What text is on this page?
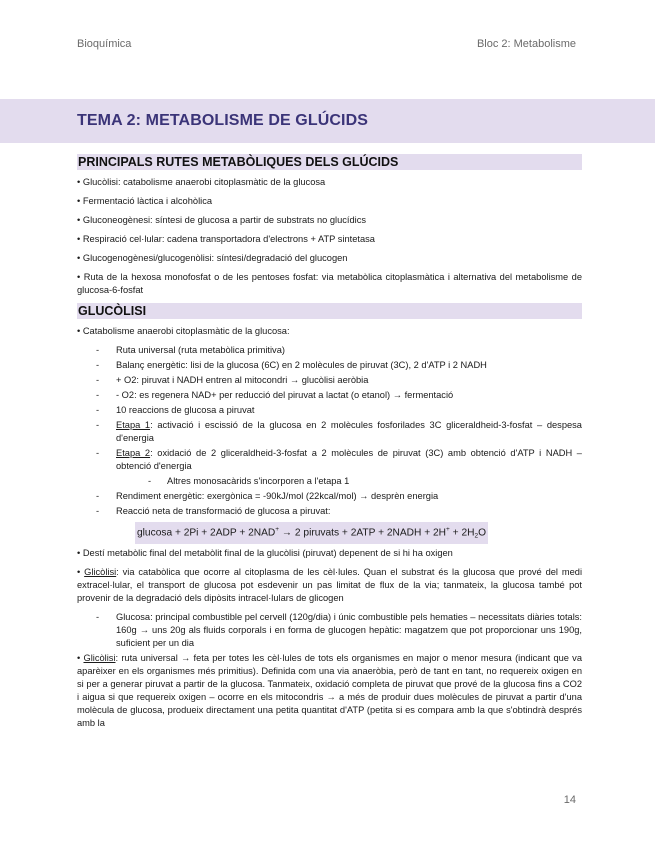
Bioquímica	Bloc 2: Metabolisme
TEMA 2: METABOLISME DE GLÚCIDS
PRINCIPALS RUTES METABÒLIQUES DELS GLÚCIDS
• Glucòlisi: catabolisme anaerobi citoplasmàtic de la glucosa
• Fermentació làctica i alcohòlica
• Gluconeogènesi: síntesi de glucosa a partir de substrats no glucídics
• Respiració cel·lular: cadena transportadora d'electrons + ATP sintetasa
• Glucogenogènesi/glucogenòlisi: síntesi/degradació del glucogen
• Ruta de la hexosa monofosfat o de les pentoses fosfat: via metabòlica citoplasmàtica i alternativa del metabolisme de glucosa-6-fosfat
GLUCÒLISI
• Catabolisme anaerobi citoplasmàtic de la glucosa:
- Ruta universal (ruta metabòlica primitiva)
- Balanç energètic: lisi de la glucosa (6C) en 2 molècules de piruvat (3C), 2 d'ATP i 2 NADH
- + O2: piruvat i NADH entren al mitocondri → glucòlisi aeròbia
- - O2: es regenera NAD+ per reducció del piruvat a lactat (o etanol) → fermentació
- 10 reaccions de glucosa a piruvat
- Etapa 1: activació i escissió de la glucosa en 2 molècules fosforilades 3C gliceraldheid-3-fosfat – despesa d'energia
- Etapa 2: oxidació de 2 gliceraldheid-3-fosfat a 2 molècules de piruvat (3C) amb obtenció d'ATP i NADH – obtenció d'energia
- Altres monosacàrids s'incorporen a l'etapa 1
- Rendiment energètic: exergònica = -90kJ/mol (22kcal/mol) → desprèn energia
- Reacció neta de transformació de glucosa a piruvat:
glucosa + 2Pi + 2ADP + 2NAD+ → 2 piruvats + 2ATP + 2NADH + $2H^+ + 2H_2O$
• Destí metabòlic final del metabòlit final de la glucòlisi (piruvat) depenent de si hi ha oxigen
• Glicòlisi: via catabòlica que ocorre al citoplasma de les cèl·lules. Quan el substrat és la glucosa que prové del medi extracel·lular, el transport de glucosa pot esdevenir un pas limitat de flux de la via; tanmateix, la glucosa també pot provenir de la degradació dels dipòsits intracel·lulars de glicogen
- Glucosa: principal combustible pel cervell (120g/dia) i únic combustible pels hematies – necessitats diàries totals: 160g → uns 20g als fluids corporals i en forma de glucogen hepàtic: magatzem que pot proporcionar uns 190g, suficient per un dia
• Glicòlisi: ruta universal → feta per totes les cèl·lules de tots els organismes en major o menor mesura (indicant que va aparèixer en els organismes més primitius). Definida com una via anaeròbia, però de tant en tant, no requereix oxigen en si per a generar piruvat a partir de la glucosa. Tanmateix, oxidació completa de piruvat que prové de la glucosa fins a CO2 i aigua si que requereix oxigen – ocorre en els mitocondris → a més de produir dues molècules de piruvat a partir d'una molècula de glucosa, produeix directament una petita quantitat d'ATP (petita si es compara amb la que s'obtindrà després amb la
14
